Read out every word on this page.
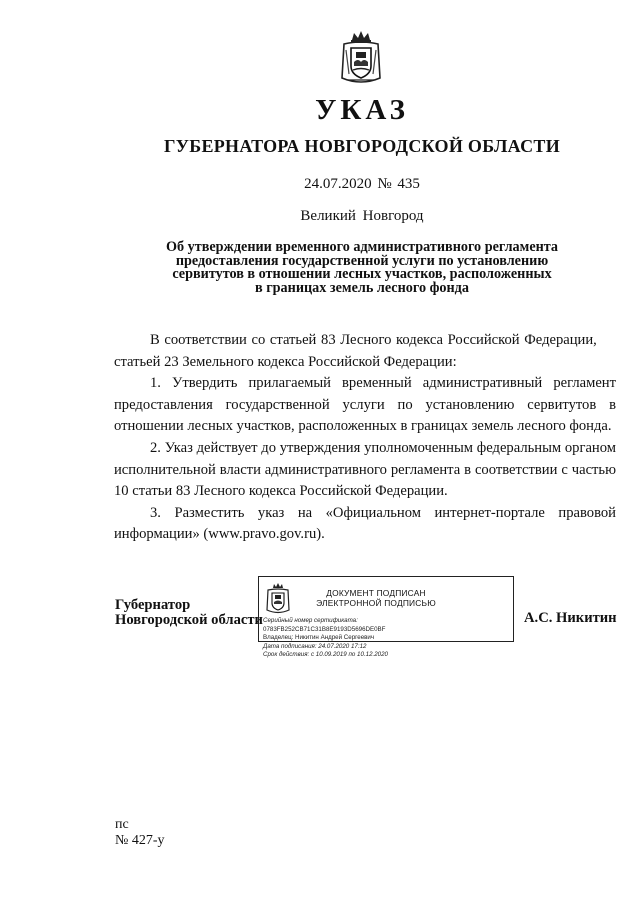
УКАЗ
ГУБЕРНАТОРА НОВГОРОДСКОЙ ОБЛАСТИ
24.07.2020 № 435
Великий Новгород
Об утверждении временного административного регламента
предоставления государственной услуги по установлению
сервитутов в отношении лесных участков, расположенных
в границах земель лесного фонда

В соответствии со статьей 83 Лесного кодекса Российской Федерации,

статьей 23 Земельного кодекса Российской Федерации:

1. Утвердить прилагаемый временный административный регламент предоставления государственной услуги по установлению сервитутов в отношении лесных участков, расположенных в границах земель лесного фонда.

2. Указ действует до утверждения уполномоченным федеральным органом исполнительной власти административного регламента в соответствии с частью 10 статьи 83 Лесного кодекса Российской Федерации.

3. Разместить указ на «Официальном интернет-портале правовой информации» (www.pravo.gov.ru).

Губернатор
Новгородской области
ДОКУМЕНТ ПОДПИСАН
ЭЛЕКТРОННОЙ ПОДПИСЬЮ
Серийный номер сертификата:
0783FB252CB71C31B8E9193D5696DE0BF
Владелец: Никитин Андрей Сергеевич
Дата подписания: 24.07.2020 17:12
Срок действия: с 10.09.2019 по 10.12.2020
А.С. Никитин
пс
№ 427-у
